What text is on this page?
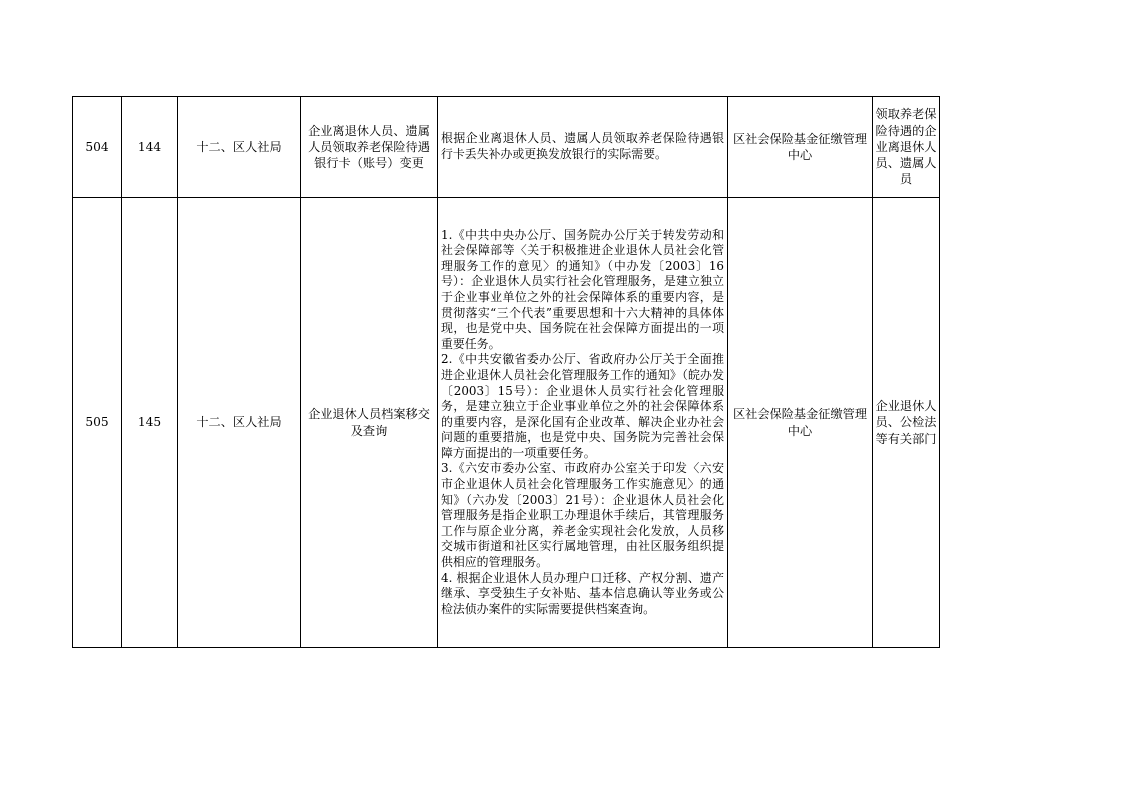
504	144	十二、区人社局	企业离退休人员、遗属人员领取养老保险待遇银行卡（账号）变更	根据企业离退休人员、遗属人员领取养老保险待遇银行卡丢失补办或更换发放银行的实际需要。	区社会保险基金征缴管理中心	领取养老保险待遇的企业离退休人员、遗属人员
505	145	十二、区人社局	企业退休人员档案移交及查询	1.《中共中央办公厅、国务院办公厅关于转发劳动和社会保障部等〈关于积极推进企业退休人员社会化管理服务工作的意见〉的通知》（中办发〔2003〕16号）：企业退休人员实行社会化管理服务，是建立独立于企业事业单位之外的社会保障体系的重要内容，是贯彻落实“三个代表”重要思想和十六大精神的具体体现，也是党中央、国务院在社会保障方面提出的一项重要任务。
2.《中共安徽省委办公厅、省政府办公厅关于全面推进企业退休人员社会化管理服务工作的通知》（皖办发〔2003〕15号）：企业退休人员实行社会化管理服务，是建立独立于企业事业单位之外的社会保障体系的重要内容，是深化国有企业改革、解决企业办社会问题的重要措施，也是党中央、国务院为完善社会保障方面提出的一项重要任务。
3.《六安市委办公室、市政府办公室关于印发〈六安市企业退休人员社会化管理服务工作实施意见〉的通知》（六办发〔2003〕21号）：企业退休人员社会化管理服务是指企业职工办理退休手续后，其管理服务工作与原企业分离，养老金实现社会化发放，人员移交城市街道和社区实行属地管理，由社区服务组织提供相应的管理服务。
4. 根据企业退休人员办理户口迁移、产权分割、遗产继承、享受独生子女补贴、基本信息确认等业务或公检法侦办案件的实际需要提供档案查询。	区社会保险基金征缴管理中心	企业退休人员、公检法等有关部门
